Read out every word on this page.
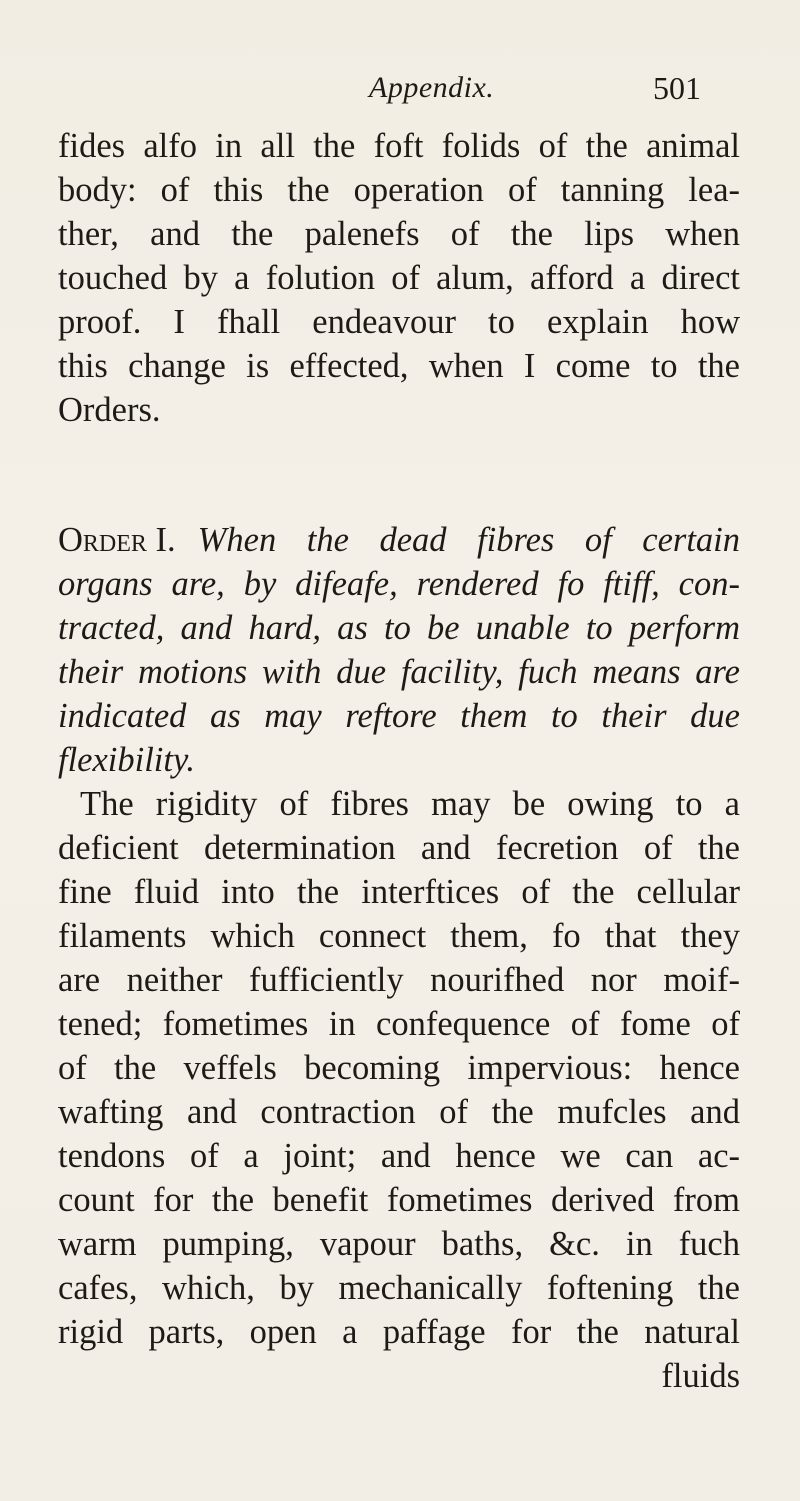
Appendix.	501
fides alfo in all the foft folids of the animal
body: of this the operation of tanning lea-
ther, and the palenefs of the lips when
touched by a folution of alum, afford a direct
proof. I fhall endeavour to explain how
this change is effected, when I come to the
Orders.
Order I. When the dead fibres of certain
organs are, by difeafe, rendered fo ftiff, con-
tracted, and hard, as to be unable to perform
their motions with due facility, fuch means are
indicated as may reftore them to their due
flexibility.
The rigidity of fibres may be owing to a
deficient determination and fecretion of the
fine fluid into the interftices of the cellular
filaments which connect them, fo that they
are neither fufficiently nourifhed nor moif-
tened; fometimes in confequence of fome of
of the veffels becoming impervious: hence
wafting and contraction of the mufcles and
tendons of a joint; and hence we can ac-
count for the benefit fometimes derived from
warm pumping, vapour baths, &c. in fuch
cafes, which, by mechanically foftening the
rigid parts, open a paffage for the natural
fluids
